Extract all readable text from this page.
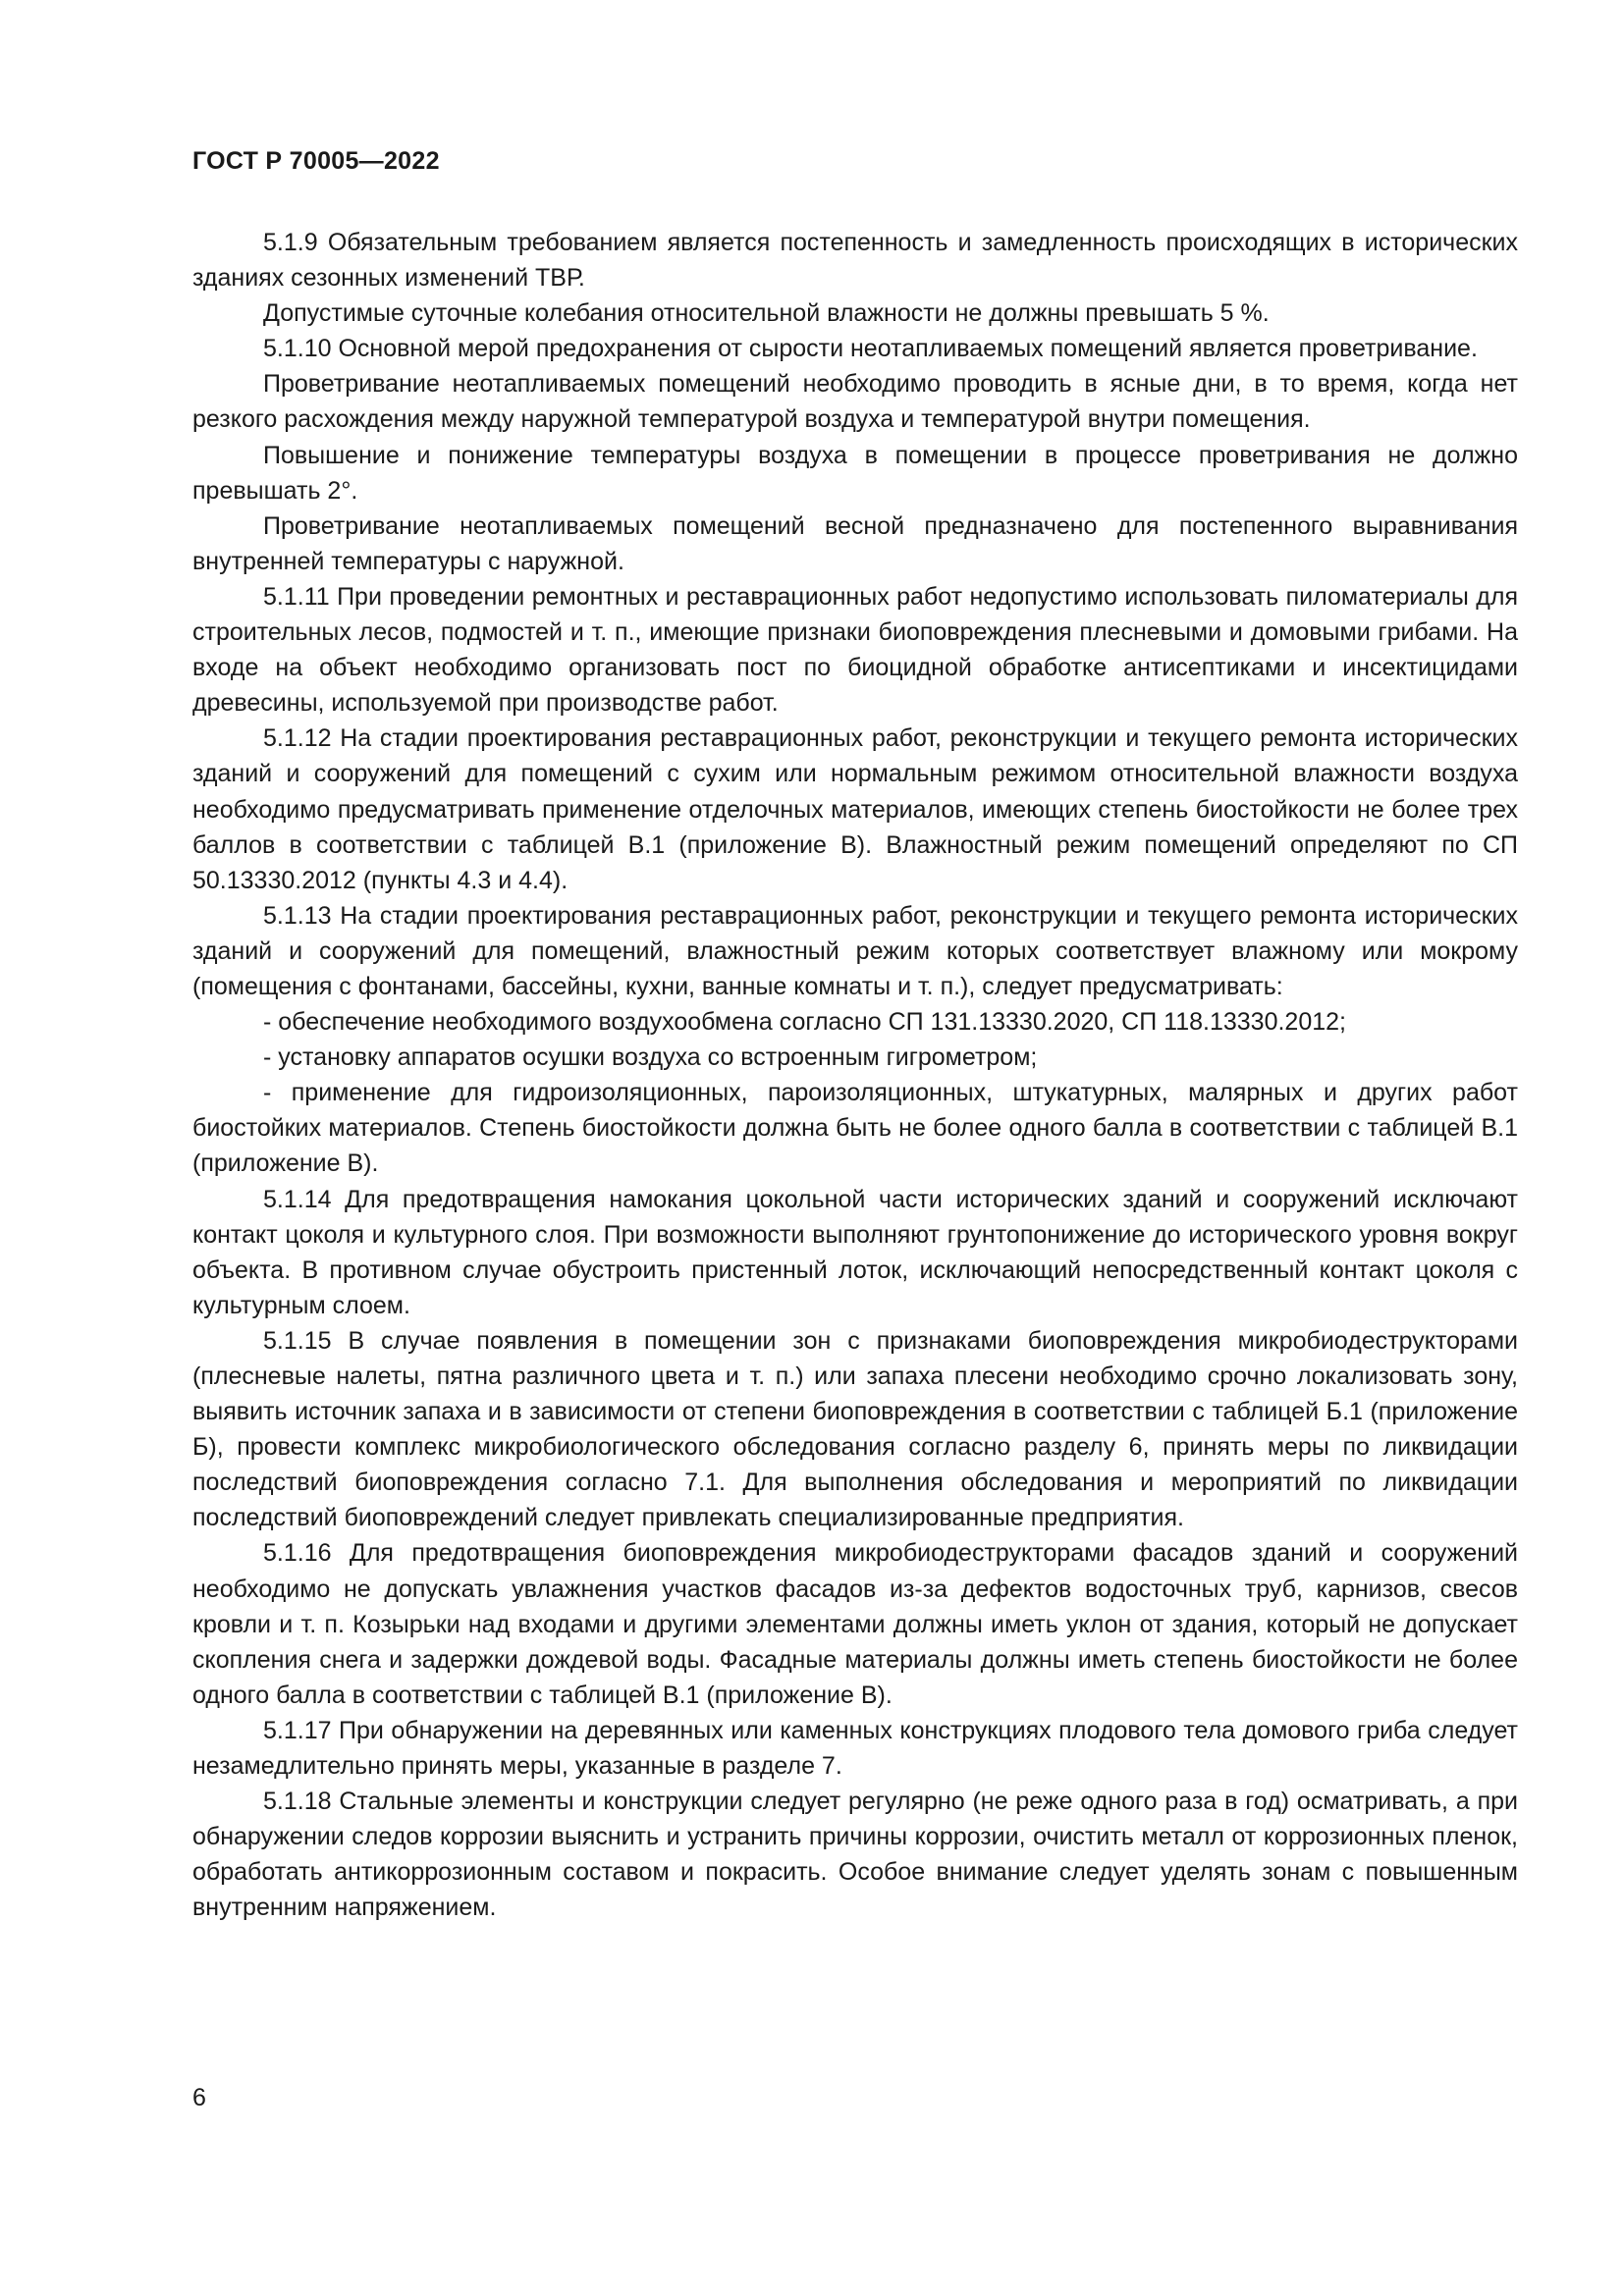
ГОСТ Р 70005—2022

5.1.9 Обязательным требованием является постепенность и замедленность происходящих в исторических зданиях сезонных изменений ТВР.

Допустимые суточные колебания относительной влажности не должны превышать 5 %.

5.1.10 Основной мерой предохранения от сырости неотапливаемых помещений является проветривание.

Проветривание неотапливаемых помещений необходимо проводить в ясные дни, в то время, когда нет резкого расхождения между наружной температурой воздуха и температурой внутри помещения.

Повышение и понижение температуры воздуха в помещении в процессе проветривания не должно превышать 2°.

Проветривание неотапливаемых помещений весной предназначено для постепенного выравнивания внутренней температуры с наружной.

5.1.11 При проведении ремонтных и реставрационных работ недопустимо использовать пиломатериалы для строительных лесов, подмостей и т. п., имеющие признаки биоповреждения плесневыми и домовыми грибами. На входе на объект необходимо организовать пост по биоцидной обработке антисептиками и инсектицидами древесины, используемой при производстве работ.

5.1.12 На стадии проектирования реставрационных работ, реконструкции и текущего ремонта исторических зданий и сооружений для помещений с сухим или нормальным режимом относительной влажности воздуха необходимо предусматривать применение отделочных материалов, имеющих степень биостойкости не более трех баллов в соответствии с таблицей В.1 (приложение В). Влажностный режим помещений определяют по СП 50.13330.2012 (пункты 4.3 и 4.4).

5.1.13 На стадии проектирования реставрационных работ, реконструкции и текущего ремонта исторических зданий и сооружений для помещений, влажностный режим которых соответствует влажному или мокрому (помещения с фонтанами, бассейны, кухни, ванные комнаты и т. п.), следует предусматривать:

- обеспечение необходимого воздухообмена согласно СП 131.13330.2020, СП 118.13330.2012;

- установку аппаратов осушки воздуха со встроенным гигрометром;

- применение для гидроизоляционных, пароизоляционных, штукатурных, малярных и других работ биостойких материалов. Степень биостойкости должна быть не более одного балла в соответствии с таблицей В.1 (приложение В).

5.1.14 Для предотвращения намокания цокольной части исторических зданий и сооружений исключают контакт цоколя и культурного слоя. При возможности выполняют грунтопонижение до исторического уровня вокруг объекта. В противном случае обустроить пристенный лоток, исключающий непосредственный контакт цоколя с культурным слоем.

5.1.15 В случае появления в помещении зон с признаками биоповреждения микробиодеструкторами (плесневые налеты, пятна различного цвета и т. п.) или запаха плесени необходимо срочно локализовать зону, выявить источник запаха и в зависимости от степени биоповреждения в соответствии с таблицей Б.1 (приложение Б), провести комплекс микробиологического обследования согласно разделу 6, принять меры по ликвидации последствий биоповреждения согласно 7.1. Для выполнения обследования и мероприятий по ликвидации последствий биоповреждений следует привлекать специализированные предприятия.

5.1.16 Для предотвращения биоповреждения микробиодеструкторами фасадов зданий и сооружений необходимо не допускать увлажнения участков фасадов из-за дефектов водосточных труб, карнизов, свесов кровли и т. п. Козырьки над входами и другими элементами должны иметь уклон от здания, который не допускает скопления снега и задержки дождевой воды. Фасадные материалы должны иметь степень биостойкости не более одного балла в соответствии с таблицей В.1 (приложение В).

5.1.17 При обнаружении на деревянных или каменных конструкциях плодового тела домового гриба следует незамедлительно принять меры, указанные в разделе 7.

5.1.18 Стальные элементы и конструкции следует регулярно (не реже одного раза в год) осматривать, а при обнаружении следов коррозии выяснить и устранить причины коррозии, очистить металл от коррозионных пленок, обработать антикоррозионным составом и покрасить. Особое внимание следует уделять зонам с повышенным внутренним напряжением.

6
